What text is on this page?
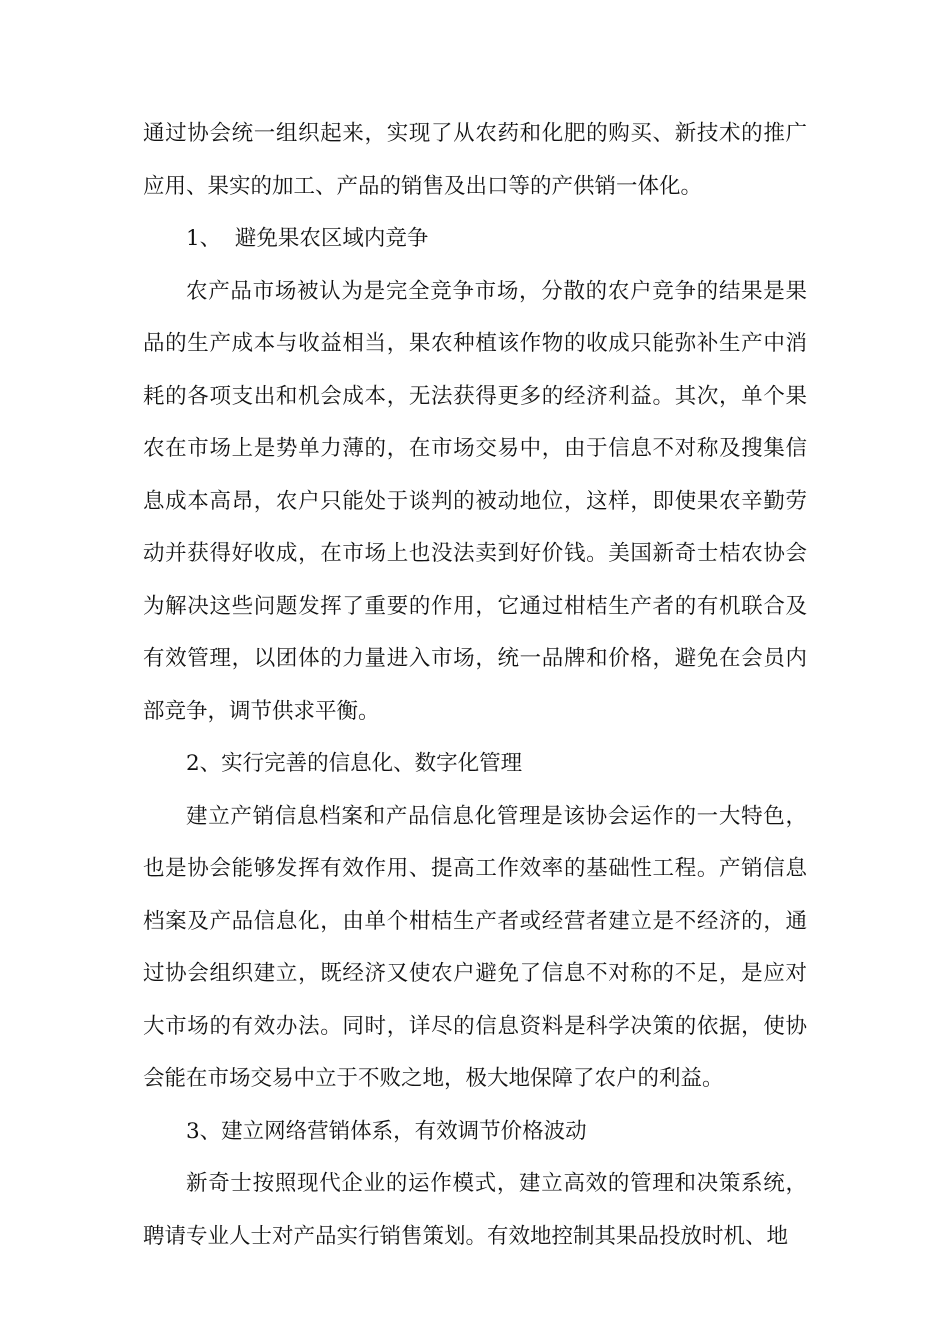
通过协会统一组织起来，实现了从农药和化肥的购买、新技术的推广应用、果实的加工、产品的销售及出口等的产供销一体化。

1、  避免果农区域内竞争

农产品市场被认为是完全竞争市场，分散的农户竞争的结果是果品的生产成本与收益相当，果农种植该作物的收成只能弥补生产中消耗的各项支出和机会成本，无法获得更多的经济利益。其次，单个果农在市场上是势单力薄的，在市场交易中，由于信息不对称及搜集信息成本高昂，农户只能处于谈判的被动地位，这样，即使果农辛勤劳动并获得好收成，在市场上也没法卖到好价钱。美国新奇士桔农协会为解决这些问题发挥了重要的作用，它通过柑桔生产者的有机联合及有效管理，以团体的力量进入市场，统一品牌和价格，避免在会员内部竞争，调节供求平衡。

2、实行完善的信息化、数字化管理

建立产销信息档案和产品信息化管理是该协会运作的一大特色，也是协会能够发挥有效作用、提高工作效率的基础性工程。产销信息档案及产品信息化，由单个柑桔生产者或经营者建立是不经济的，通过协会组织建立，既经济又使农户避免了信息不对称的不足，是应对大市场的有效办法。同时，详尽的信息资料是科学决策的依据，使协会能在市场交易中立于不败之地，极大地保障了农户的利益。

3、建立网络营销体系，有效调节价格波动

新奇士按照现代企业的运作模式，建立高效的管理和决策系统，聘请专业人士对产品实行销售策划。有效地控制其果品投放时机、地
